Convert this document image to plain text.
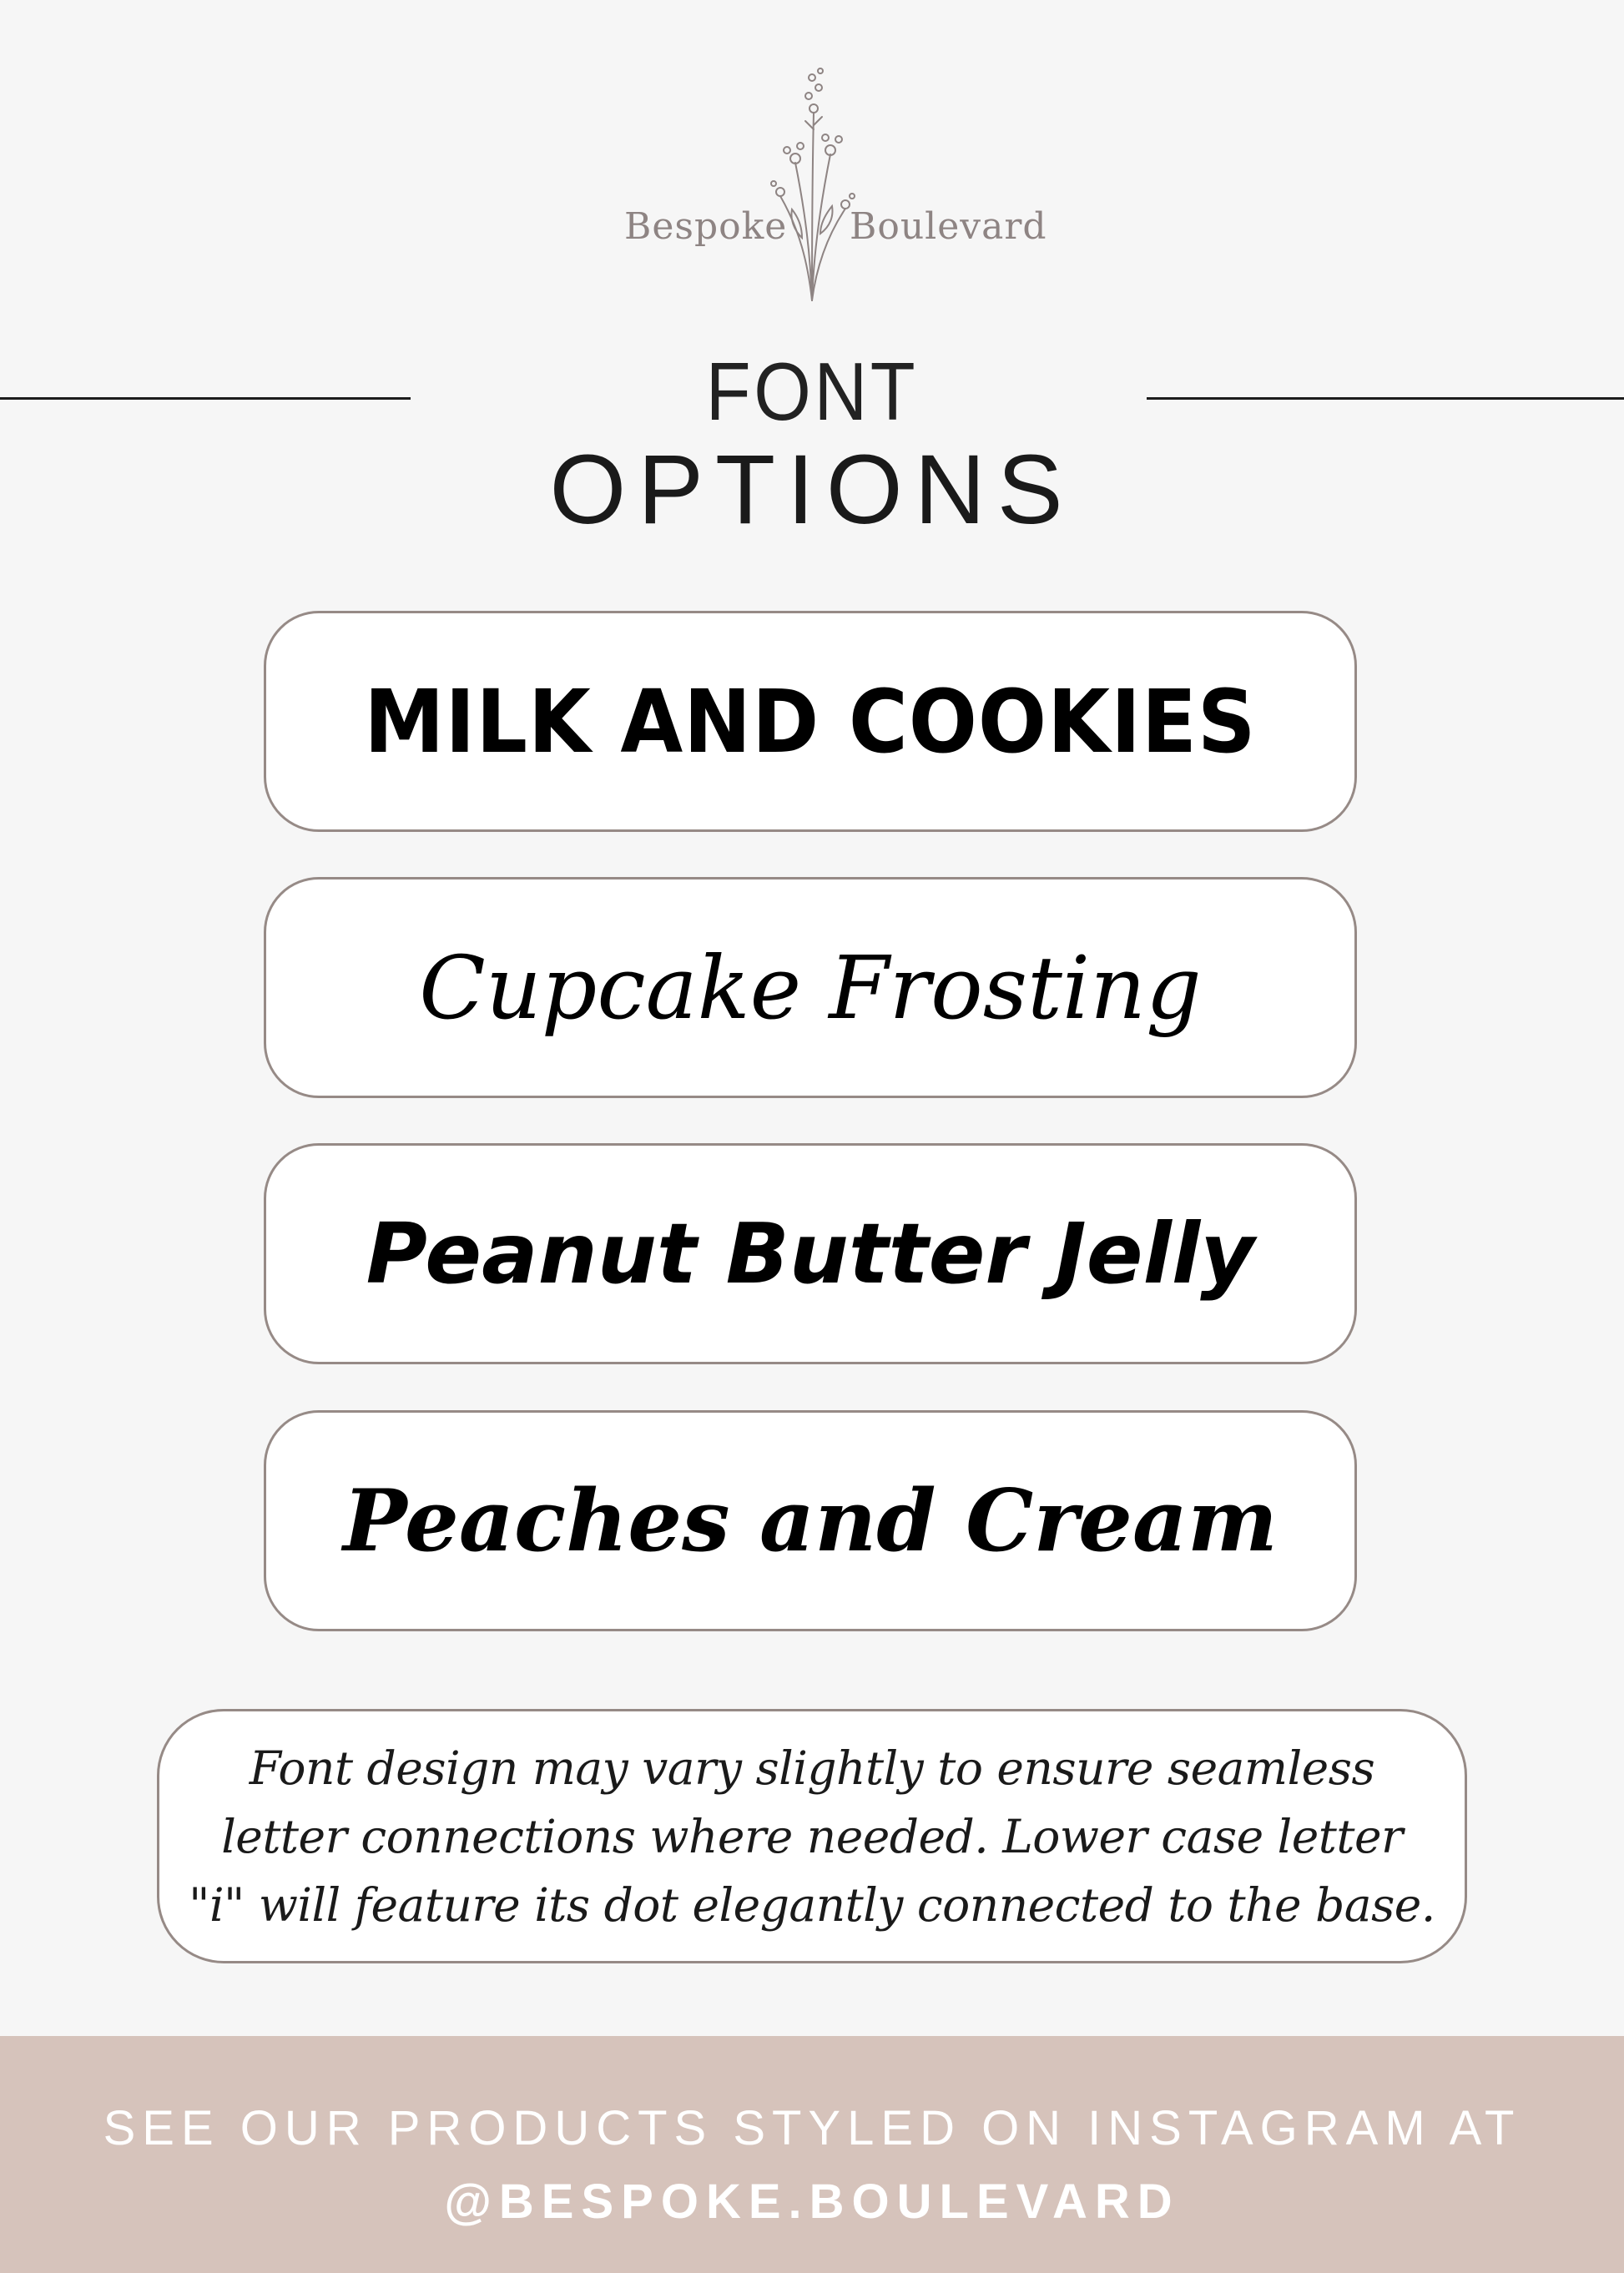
Bespoke Boulevard
FONT
OPTIONS
MILK AND COOKIES
Cupcake Frosting
Peanut Butter Jelly
Peaches and Cream
Font design may vary slightly to ensure seamless
letter connections where needed. Lower case letter
"i" will feature its dot elegantly connected to the base.
SEE OUR PRODUCTS STYLED ON INSTAGRAM AT
@BESPOKE.BOULEVARD
